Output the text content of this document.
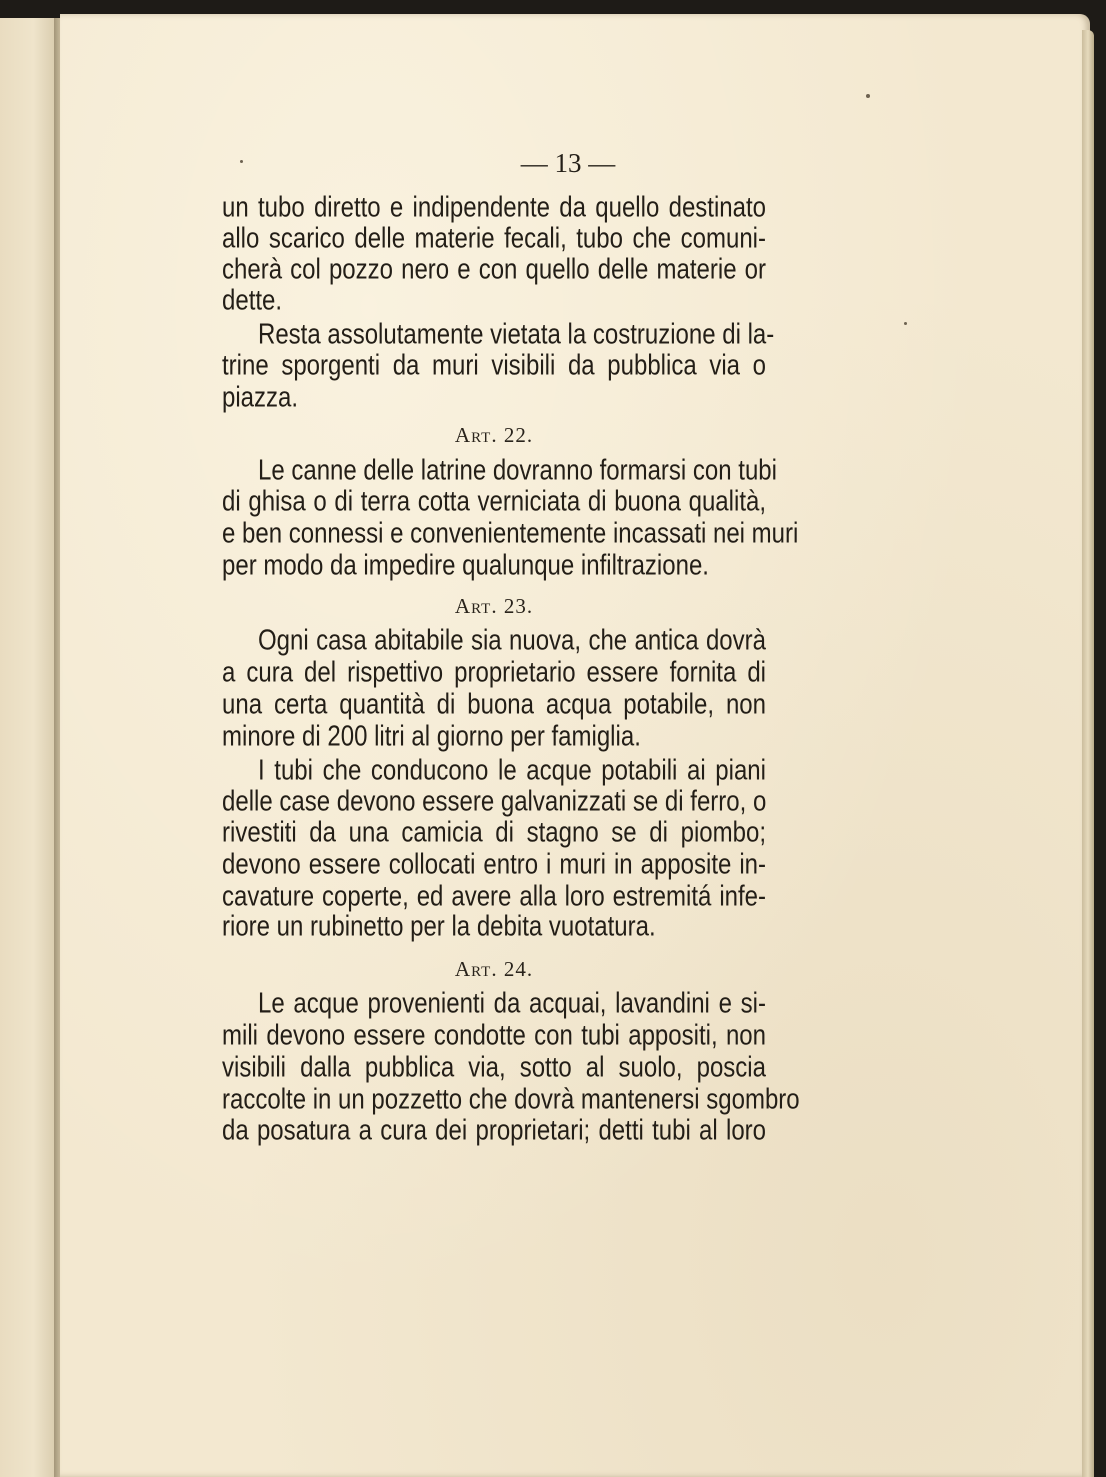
— 13 —
un tubo diretto e indipendente da quello destinato
allo scarico delle materie fecali, tubo che comuni-
cherà col pozzo nero e con quello delle materie or
dette.
Resta assolutamente vietata la costruzione di la-
trine sporgenti da muri visibili da pubblica via o
piazza.
Art. 22.
Le canne delle latrine dovranno formarsi con tubi
di ghisa o di terra cotta verniciata di buona qualità,
e ben connessi e convenientemente incassati nei muri
per modo da impedire qualunque infiltrazione.
Art. 23.
Ogni casa abitabile sia nuova, che antica dovrà
a cura del rispettivo proprietario essere fornita di
una certa quantità di buona acqua potabile, non
minore di 200 litri al giorno per famiglia.
I tubi che conducono le acque potabili ai piani
delle case devono essere galvanizzati se di ferro, o
rivestiti da una camicia di stagno se di piombo;
devono essere collocati entro i muri in apposite in-
cavature coperte, ed avere alla loro estremitá infe-
riore un rubinetto per la debita vuotatura.
Art. 24.
Le acque provenienti da acquai, lavandini e si-
mili devono essere condotte con tubi appositi, non
visibili dalla pubblica via, sotto al suolo, poscia
raccolte in un pozzetto che dovrà mantenersi sgombro
da posatura a cura dei proprietari; detti tubi al loro
